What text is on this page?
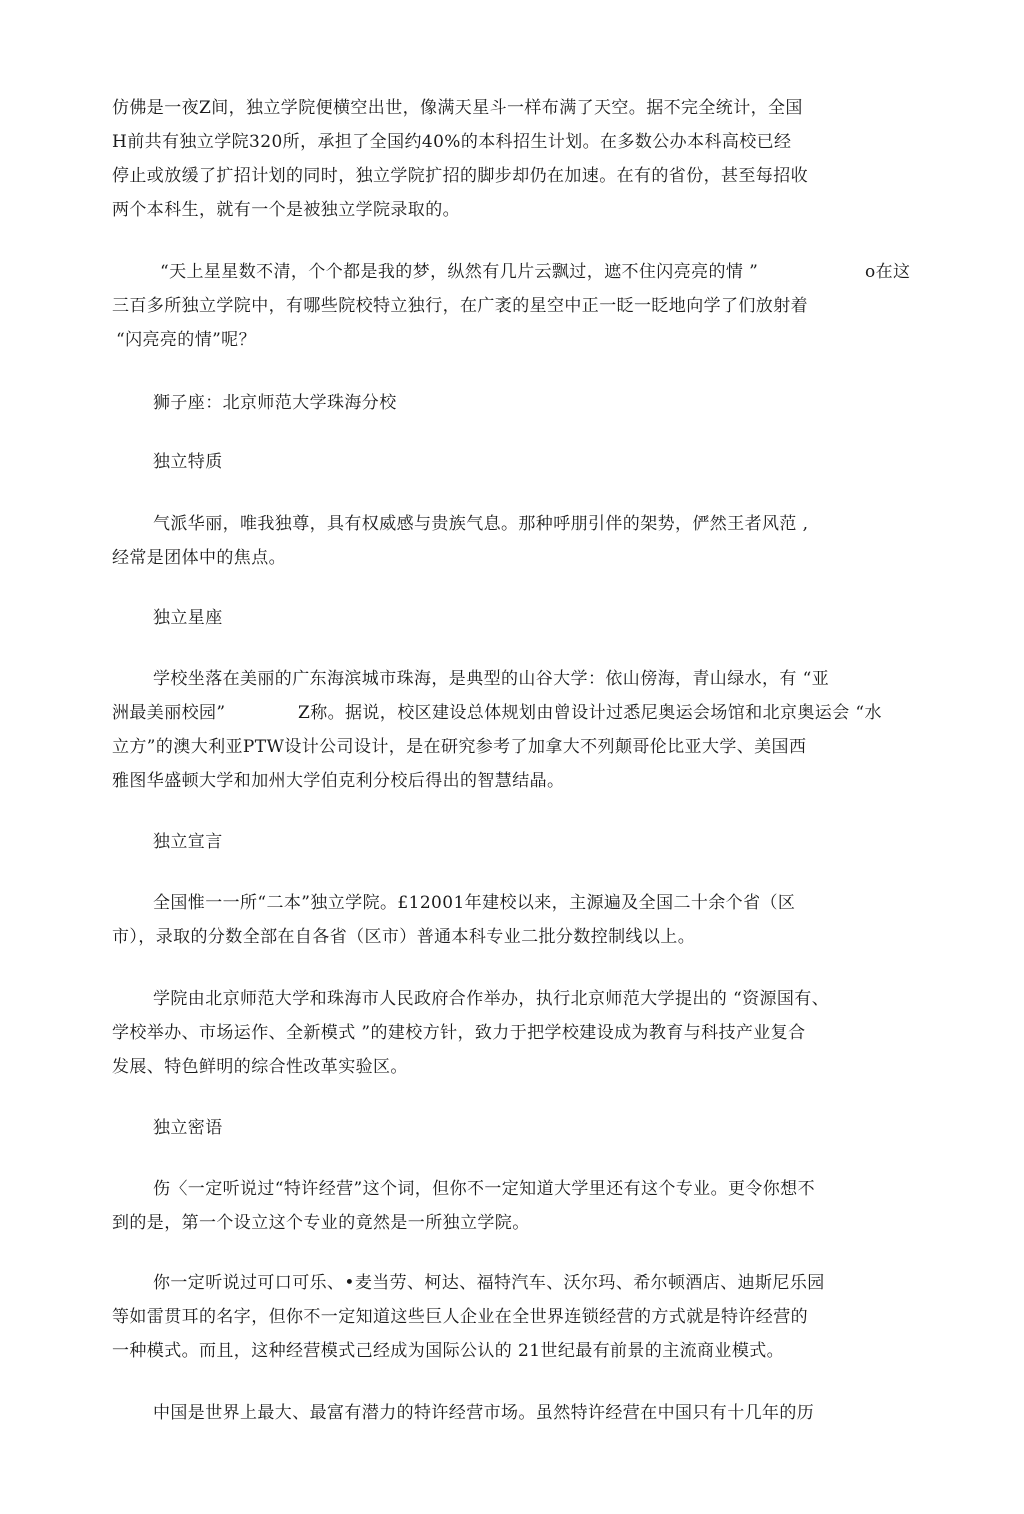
仿佛是一夜Z间，独立学院便横空出世，像满天星斗一样布满了天空。据不完全统计，全国
H前共有独立学院320所，承担了全国约40%的本科招生计划。在多数公办本科高校已经
停止或放缓了扩招计划的同时，独立学院扩招的脚步却仍在加速。在有的省份，甚至每招收
两个本科生，就有一个是被独立学院录取的。
“天上星星数不清，个个都是我的梦，纵然有几片云飘过，遮不住闪亮亮的情 ”	o在这
三百多所独立学院中，有哪些院校特立独行，在广袤的星空中正一眨一眨地向学了们放射着
“闪亮亮的情”呢？
狮子座：北京师范大学珠海分校
独立特质
气派华丽，唯我独尊，具有权威感与贵族气息。那种呼朋引伴的架势，俨然王者风范 ,
经常是团体中的焦点。
独立星座
学校坐落在美丽的广东海滨城市珠海，是典型的山谷大学：依山傍海，青山绿水，有 “亚
洲最美丽校园”	Z称。据说，校区建设总体规划由曾设计过悉尼奥运会场馆和北京奥运会 “水
立方”的澳大利亚PTW设计公司设计，是在研究参考了加拿大不列颠哥伦比亚大学、美国西
雅图华盛顿大学和加州大学伯克利分校后得出的智慧结晶。
独立宣言
全国惟一一所“二本”独立学院。£12001年建校以来，主源遍及全国二十余个省（区
市），录取的分数全部在自各省（区市）普通本科专业二批分数控制线以上。
学院由北京师范大学和珠海市人民政府合作举办，执行北京师范大学提出的 “资源国有、
学校举办、市场运作、全新模式 ”的建校方针，致力于把学校建设成为教育与科技产业复合
发展、特色鲜明的综合性改革实验区。
独立密语
伤〈一定听说过“特许经营”这个词，但你不一定知道大学里还有这个专业。更令你想不
到的是，第一个设立这个专业的竟然是一所独立学院。
你一定听说过可口可乐、•麦当劳、柯达、福特汽车、沃尔玛、希尔顿酒店、迪斯尼乐园
等如雷贯耳的名字，但你不一定知道这些巨人企业在全世界连锁经营的方式就是特许经营的
一种模式。而且，这种经营模式己经成为国际公认的 21世纪最有前景的主流商业模式。
中国是世界上最大、最富有潜力的特许经营市场。虽然特许经营在中国只有十几年的历
